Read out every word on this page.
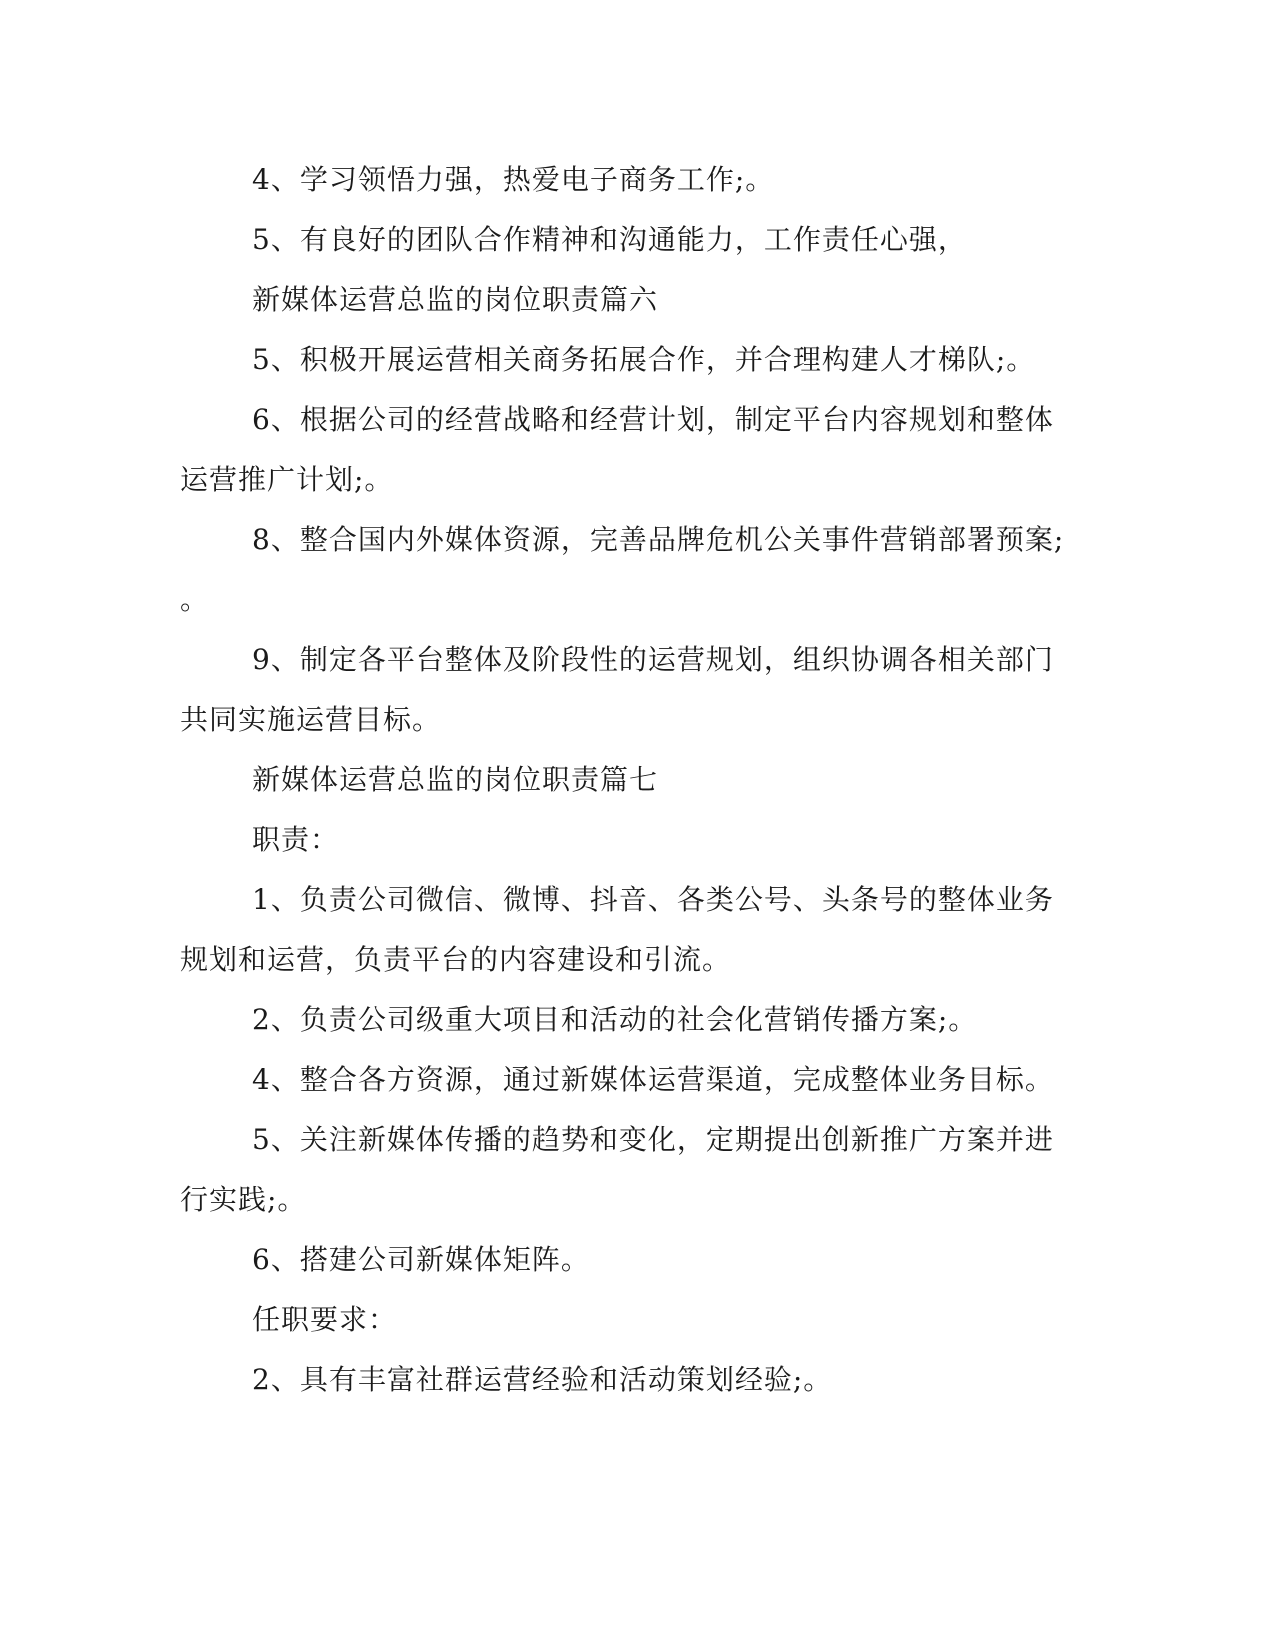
4、学习领悟力强，热爱电子商务工作;。

5、有良好的团队合作精神和沟通能力，工作责任心强，

新媒体运营总监的岗位职责篇六

5、积极开展运营相关商务拓展合作，并合理构建人才梯队;。

6、根据公司的经营战略和经营计划，制定平台内容规划和整体

运营推广计划;。

8、整合国内外媒体资源，完善品牌危机公关事件营销部署预案;

。

9、制定各平台整体及阶段性的运营规划，组织协调各相关部门

共同实施运营目标。

新媒体运营总监的岗位职责篇七

职责：

1、负责公司微信、微博、抖音、各类公号、头条号的整体业务

规划和运营，负责平台的内容建设和引流。

2、负责公司级重大项目和活动的社会化营销传播方案;。

4、整合各方资源，通过新媒体运营渠道，完成整体业务目标。

5、关注新媒体传播的趋势和变化，定期提出创新推广方案并进

行实践;。

6、搭建公司新媒体矩阵。

任职要求：

2、具有丰富社群运营经验和活动策划经验;。
